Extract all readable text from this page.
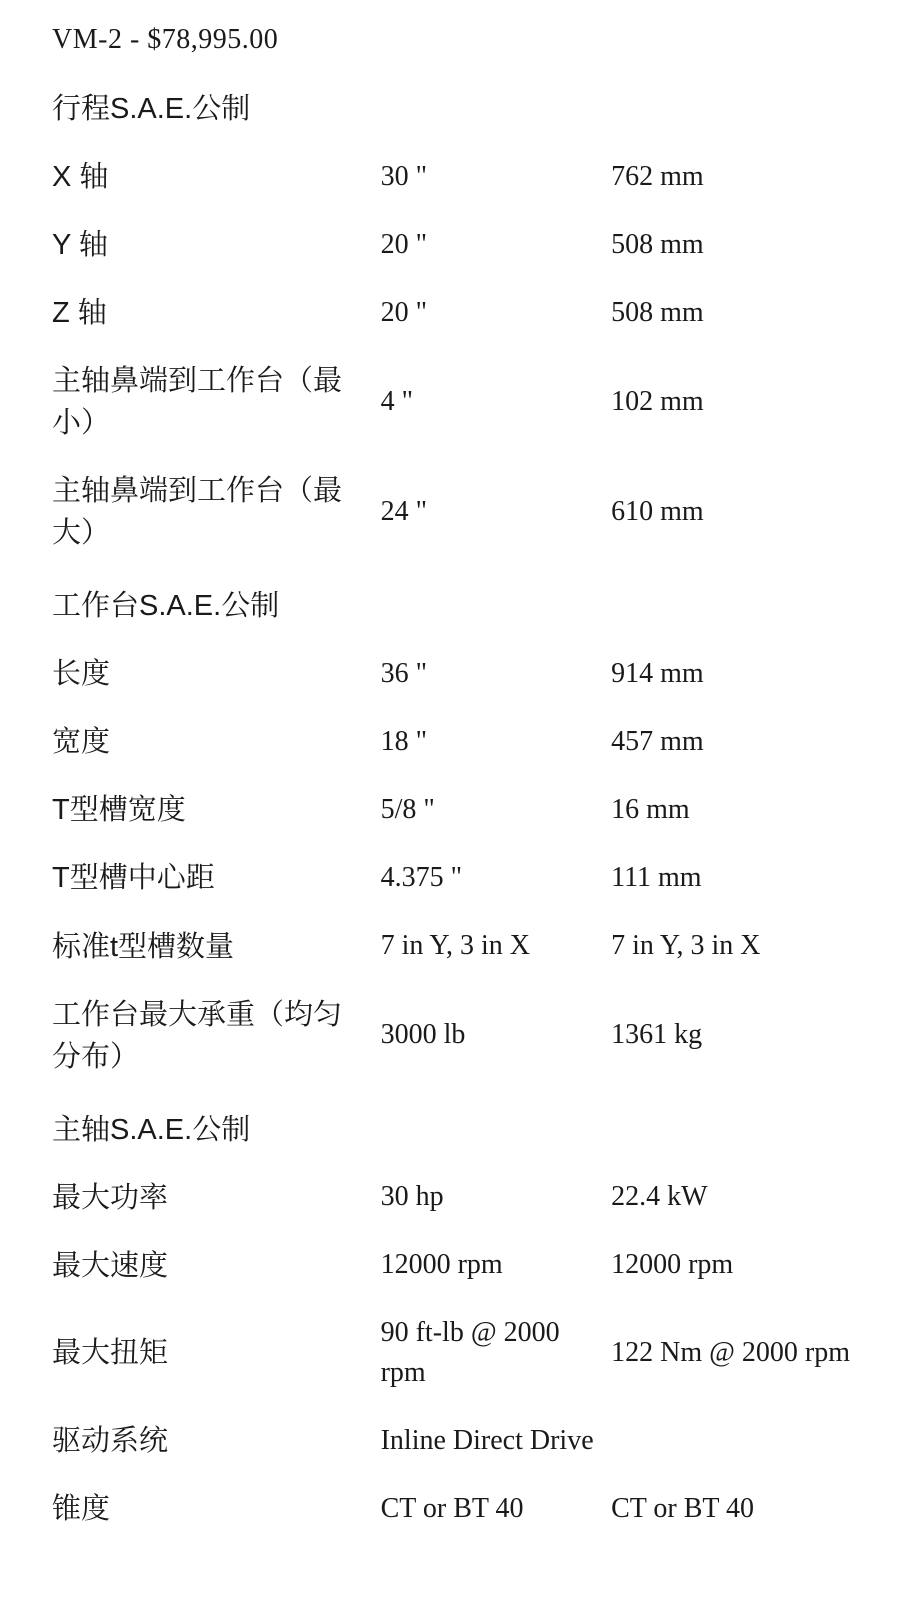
VM-2 - $78,995.00
行程S.A.E.公制		
X 轴	30 "	762 mm
Y 轴	20 "	508 mm
Z 轴	20 "	508 mm
主轴鼻端到工作台（最小）	4 "	102 mm
主轴鼻端到工作台（最大）	24 "	610 mm
工作台S.A.E.公制		
长度	36 "	914 mm
宽度	18 "	457 mm
T型槽宽度	5/8 "	16 mm
T型槽中心距	4.375 "	111 mm
标准t型槽数量	7 in Y, 3 in X	7 in Y, 3 in X
工作台最大承重（均匀分布）	3000 lb	1361 kg
主轴S.A.E.公制		
最大功率	30 hp	22.4 kW
最大速度	12000 rpm	12000 rpm
最大扭矩	90 ft-lb @ 2000 rpm	122 Nm @ 2000 rpm
驱动系统	Inline Direct Drive	
锥度	CT or BT 40	CT or BT 40
